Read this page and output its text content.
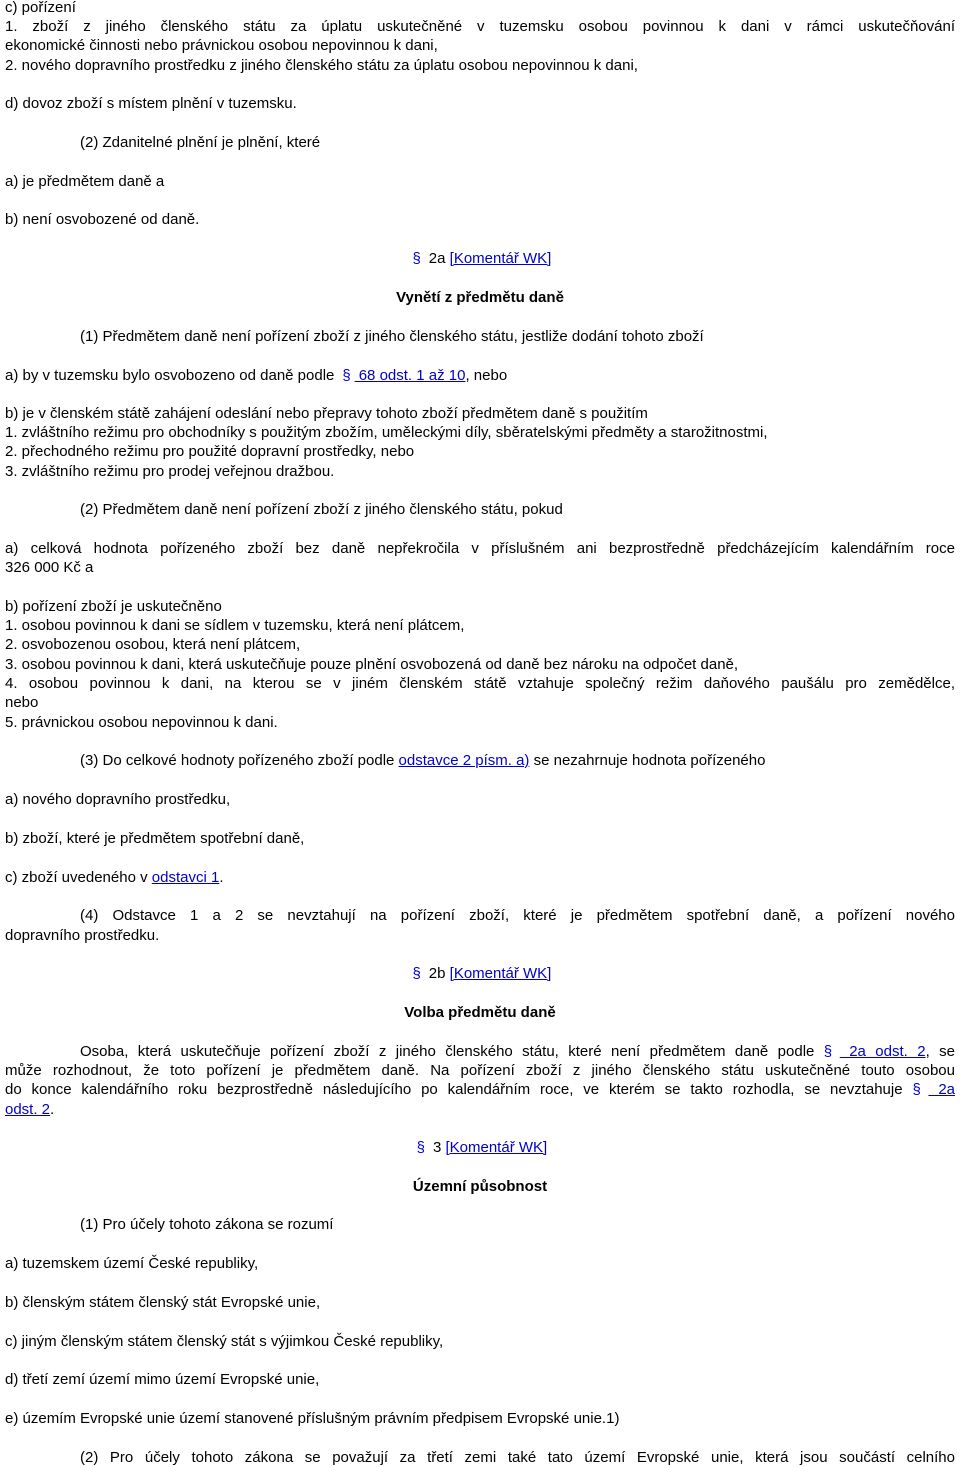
c) pořízení
1. zboží z jiného členského státu za úplatu uskutečněné v tuzemsku osobou povinnou k dani v rámci uskutečňování
ekonomické činnosti nebo právnickou osobou nepovinnou k dani,
2. nového dopravního prostředku z jiného členského státu za úplatu osobou nepovinnou k dani,
d) dovoz zboží s místem plnění v tuzemsku.
(2) Zdanitelné plnění je plnění, které
a) je předmětem daně a
b) není osvobozené od daně.
§ 2a [Komentář WK]
Vynětí z předmětu daně
(1) Předmětem daně není pořízení zboží z jiného členského státu, jestliže dodání tohoto zboží
a) by v tuzemsku bylo osvobozeno od daně podle § 68 odst. 1 až 10, nebo
b) je v členském státě zahájení odeslání nebo přepravy tohoto zboží předmětem daně s použitím
1. zvláštního režimu pro obchodníky s použitým zbožím, uměleckými díly, sběratelskými předměty a starožitnostmi,
2. přechodného režimu pro použité dopravní prostředky, nebo
3. zvláštního režimu pro prodej veřejnou dražbou.
(2) Předmětem daně není pořízení zboží z jiného členského státu, pokud
a) celková hodnota pořízeného zboží bez daně nepřekročila v příslušném ani bezprostředně předcházejícím kalendářním roce
326 000 Kč a
b) pořízení zboží je uskutečněno
1. osobou povinnou k dani se sídlem v tuzemsku, která není plátcem,
2. osvobozenou osobou, která není plátcem,
3. osobou povinnou k dani, která uskutečňuje pouze plnění osvobozená od daně bez nároku na odpočet daně,
4. osobou povinnou k dani, na kterou se v jiném členském státě vztahuje společný režim daňového paušálu pro zemědělce,
nebo
5. právnickou osobou nepovinnou k dani.
(3) Do celkové hodnoty pořízeného zboží podle odstavce 2 písm. a) se nezahrnuje hodnota pořízeného
a) nového dopravního prostředku,
b) zboží, které je předmětem spotřební daně,
c) zboží uvedeného v odstavci 1.
(4) Odstavce 1 a 2 se nevztahují na pořízení zboží, které je předmětem spotřební daně, a pořízení nového
dopravního prostředku.
§ 2b [Komentář WK]
Volba předmětu daně
Osoba, která uskutečňuje pořízení zboží z jiného členského státu, které není předmětem daně podle § 2a odst. 2, se
může rozhodnout, že toto pořízení je předmětem daně. Na pořízení zboží z jiného členského státu uskutečněné touto osobou
do konce kalendářního roku bezprostředně následujícího po kalendářním roce, ve kterém se takto rozhodla, se nevztahuje § 2a
odst. 2.
§ 3 [Komentář WK]
Územní působnost
(1) Pro účely tohoto zákona se rozumí
a) tuzemskem území České republiky,
b) členským státem členský stát Evropské unie,
c) jiným členským státem členský stát s výjimkou České republiky,
d) třetí zemí území mimo území Evropské unie,
e) územím Evropské unie území stanovené příslušným právním předpisem Evropské unie.1)
(2) Pro účely tohoto zákona se považují za třetí zemi také tato území Evropské unie, která jsou součástí celního
